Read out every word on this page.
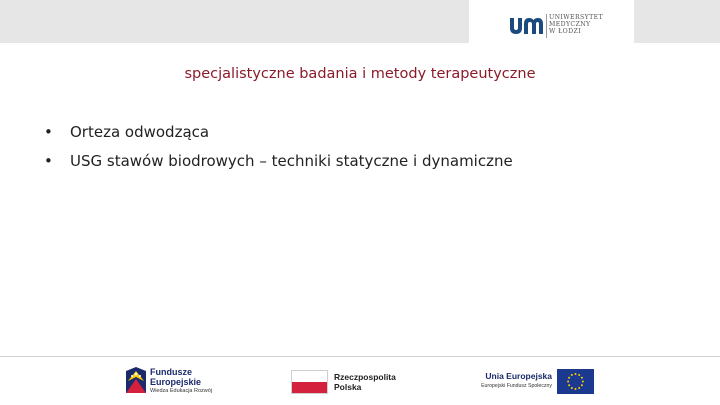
UNIWERSYTET
MEDYCZNY
W ŁODZI
specjalistyczne badania i metody terapeutyczne
•	Orteza odwodząca
•	USG stawów biodrowych – techniki statyczne i dynamiczne
Fundusze
Europejskie
Wiedza Edukacja Rozwój
Rzeczpospolita
Polska
Unia Europejska
Europejski Fundusz Społeczny
